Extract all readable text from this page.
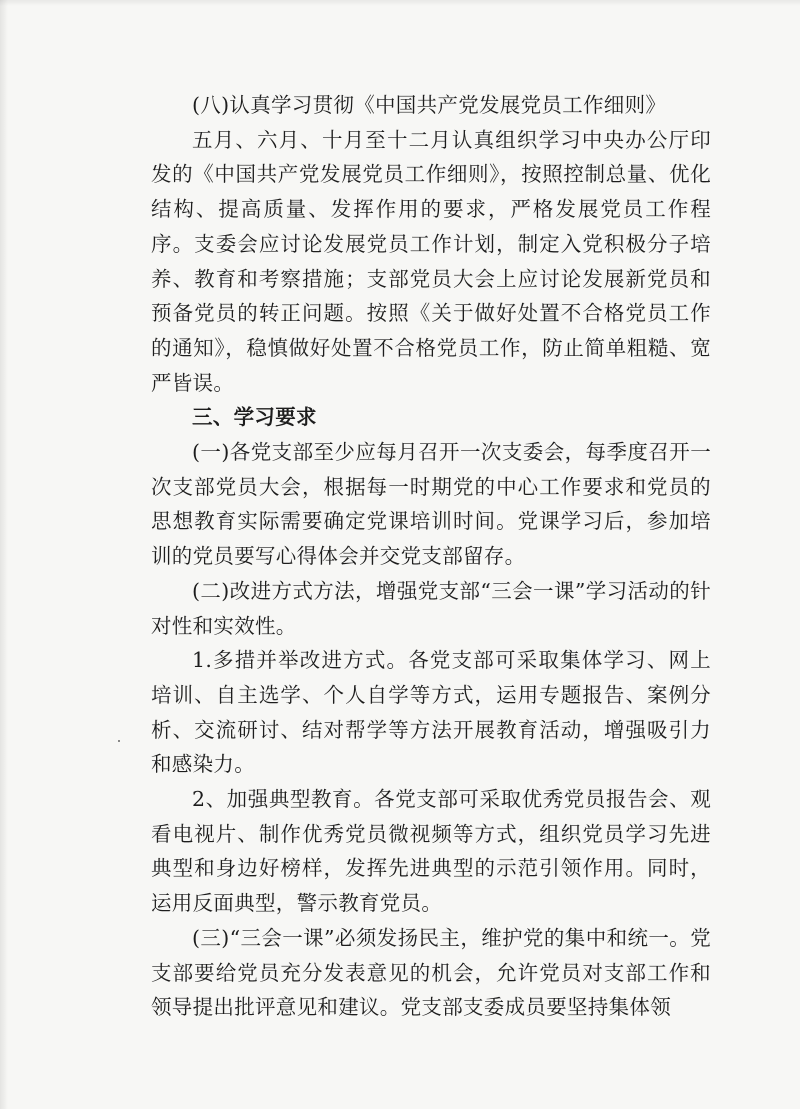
(八)认真学习贯彻《中国共产党发展党员工作细则》

五月、六月、十月至十二月认真组织学习中央办公厅印发的《中国共产党发展党员工作细则》，按照控制总量、优化结构、提高质量、发挥作用的要求，严格发展党员工作程序。支委会应讨论发展党员工作计划，制定入党积极分子培养、教育和考察措施；支部党员大会上应讨论发展新党员和预备党员的转正问题。按照《关于做好处置不合格党员工作的通知》，稳慎做好处置不合格党员工作，防止简单粗糙、宽严皆误。

三、学习要求

(一)各党支部至少应每月召开一次支委会，每季度召开一次支部党员大会，根据每一时期党的中心工作要求和党员的思想教育实际需要确定党课培训时间。党课学习后，参加培训的党员要写心得体会并交党支部留存。

(二)改进方式方法，增强党支部“三会一课”学习活动的针对性和实效性。

1.多措并举改进方式。各党支部可采取集体学习、网上培训、自主选学、个人自学等方式，运用专题报告、案例分析、交流研讨、结对帮学等方法开展教育活动，增强吸引力和感染力。

2、加强典型教育。各党支部可采取优秀党员报告会、观看电视片、制作优秀党员微视频等方式，组织党员学习先进典型和身边好榜样，发挥先进典型的示范引领作用。同时，运用反面典型，警示教育党员。

(三)“三会一课”必须发扬民主，维护党的集中和统一。党支部要给党员充分发表意见的机会，允许党员对支部工作和领导提出批评意见和建议。党支部支委成员要坚持集体领
